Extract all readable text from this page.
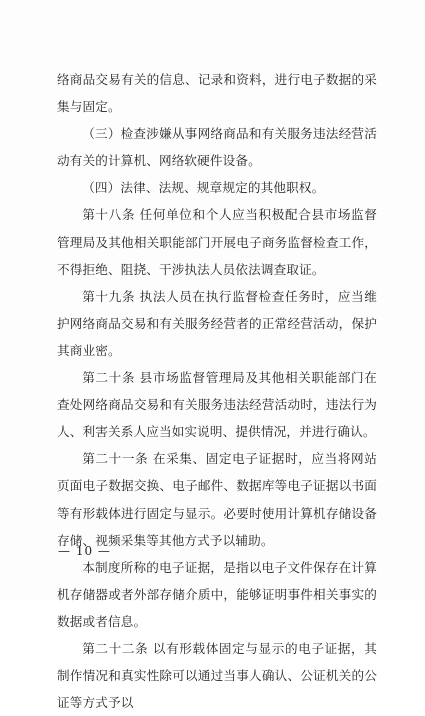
络商品交易有关的信息、记录和资料，进行电子数据的采集与固定。

（三）检查涉嫌从事网络商品和有关服务违法经营活动有关的计算机、网络软硬件设备。

（四）法律、法规、规章规定的其他职权。

第十八条 任何单位和个人应当积极配合县市场监督管理局及其他相关职能部门开展电子商务监督检查工作，不得拒绝、阻挠、干涉执法人员依法调查取证。

第十九条 执法人员在执行监督检查任务时，应当维护网络商品交易和有关服务经营者的正常经营活动，保护其商业密。

第二十条 县市场监督管理局及其他相关职能部门在查处网络商品交易和有关服务违法经营活动时，违法行为人、利害关系人应当如实说明、提供情况，并进行确认。

第二十一条 在采集、固定电子证据时，应当将网站页面电子数据交换、电子邮件、数据库等电子证据以书面等有形载体进行固定与显示。必要时使用计算机存储设备存储、视频采集等其他方式予以辅助。

本制度所称的电子证据，是指以电子文件保存在计算机存储器或者外部存储介质中，能够证明事件相关事实的数据或者信息。

第二十二条 以有形载体固定与显示的电子证据，其制作情况和真实性除可以通过当事人确认、公证机关的公证等方式予以

— 10 —
